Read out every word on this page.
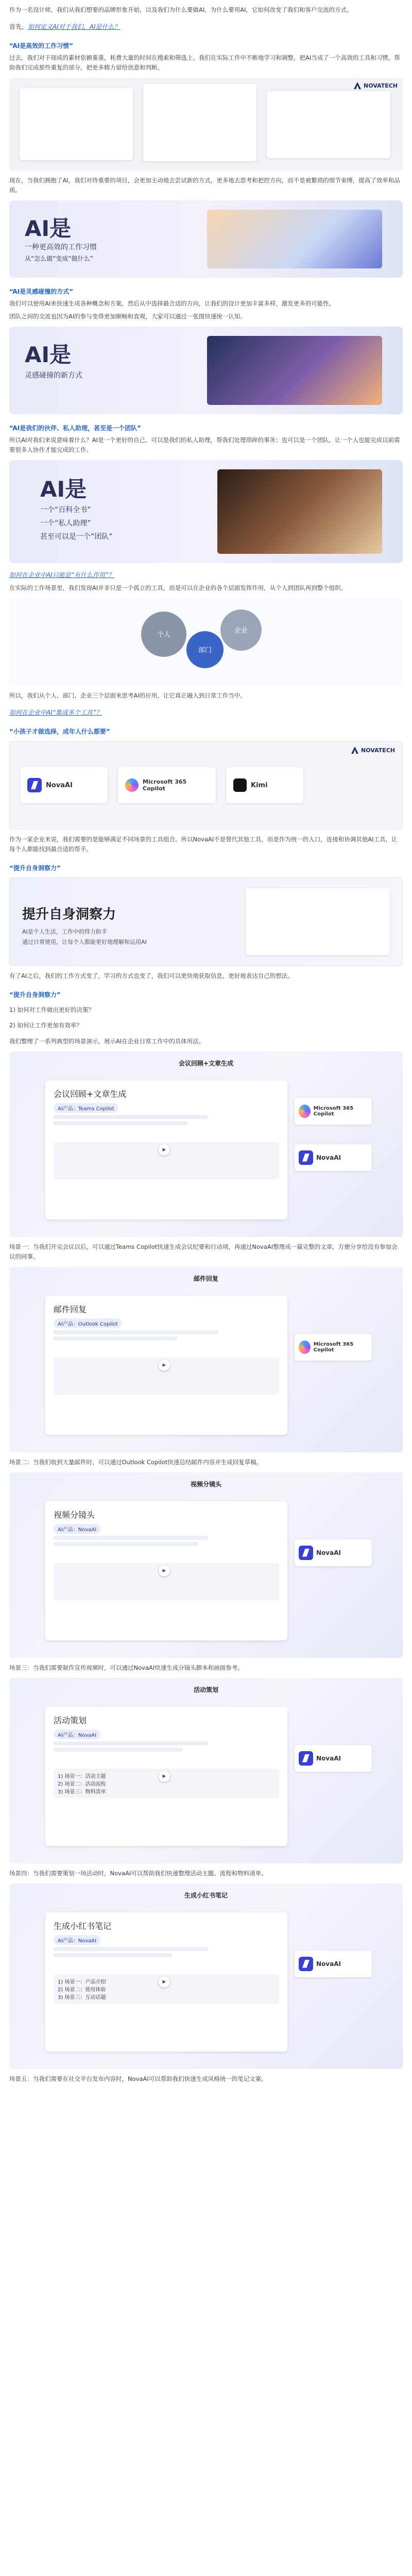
作为一名设计师，我们从我们想要的品牌形象开始，以及我们为什么要做AI，为什么要用AI，它如何改变了我们和客户交流的方式。

首先，如何定义AI对于我们，AI是什么？

“AI是高效的工作习惯”

过去，我们对于现成的素材依赖重重，耗费大量的时间在搜索和筛选上。我们在实际工作中不断地学习和调整，把AI当成了一个高效的工具和习惯，帮助我们完成那些重复的部分，把更多精力留给创意和判断。

NOVATECH

现在，当我们拥抱了AI，我们对待重要的项目，会更加主动地去尝试新的方式，更多地去思考和把控方向，而不是被繁琐的细节束缚，提高了效率和品质。

AI是
一种更高效的工作习惯
从“怎么做”变成“做什么”

“AI是灵感碰撞的方式”

我们可以使用AI来快速生成各种概念和方案，然后从中选择最合适的方向，让我们的设计更加丰富多样，激发更多的可能性。

团队之间的交流也因为AI的参与变得更加顺畅和直观，大家可以通过一张图快速统一认知。

AI是
灵感碰撞的新方式

“AI是我们的伙伴、私人助理，甚至是一个团队”

所以AI对我们来说意味着什么？AI是一个更好的自己，可以是我们的私人助理，帮我们处理琐碎的事务；也可以是一个团队，让一个人也能完成以前需要很多人协作才能完成的工作。

AI是
一个“百科全书”
一个“私人助理”
甚至可以是一个“团队”

如何在企业中AI只能是“有什么作用”？

在实际的工作场景里，我们发现AI并非只是一个孤立的工具，而是可以在企业的各个层面发挥作用，从个人到团队再到整个组织。

个人
部门
企业

所以，我们从个人、部门、企业三个层面来思考AI的应用，让它真正融入到日常工作当中。

如何在企业中AI“集成多个工具”？

“小孩子才做选择，成年人什么都要”

NOVATECH
NovaAI	Microsoft 365 Copilot	Kimi

作为一家企业来说，我们需要的是能够满足不同场景的工具组合。所以NovaAI不是替代其他工具，而是作为统一的入口，连接和协调其他AI工具，让每个人都能找到最合适的帮手。

“提升自身洞察力”

提升自身洞察力
AI是个人生活，工作中的得力助手
通过日常使用，让每个人都能更好地理解和运用AI

有了AI之后，我们的工作方式变了，学习的方式也变了，我们可以更快地获取信息，更好地表达自己的想法。

“提升自身洞察力”

1) 如何对工作做出更好的决策？

2) 如何让工作更加有效率？

我们整理了一系列典型的场景演示，展示AI在企业日常工作中的具体用法。

会议回顾+文章生成
会议回顾+文章生成
AI产品：Teams Copilot	Microsoft 365 Copilot
NovaAI
▶

场景一：当我们开完会议以后，可以通过Teams Copilot快速生成会议纪要和行动项，再通过NovaAI整理成一篇完整的文章，方便分享给没有参加会议的同事。

邮件回复
邮件回复
AI产品：Outlook Copilot
Microsoft 365 Copilot
▶

场景二：当我们收到大量邮件时，可以通过Outlook Copilot快速总结邮件内容并生成回复草稿。

视频分镜头
视频分镜头
AI产品：NovaAI
NovaAI
▶

场景三：当我们需要制作宣传视频时，可以通过NovaAI快速生成分镜头脚本和画面参考。

活动策划
活动策划
AI产品：NovaAI
1) 场景一：活动主题
2) 场景二：活动流程
3) 场景三：物料清单
NovaAI
▶

场景四：当我们需要策划一场活动时，NovaAI可以帮助我们快速整理活动主题、流程和物料清单。

生成小红书笔记
生成小红书笔记
AI产品：NovaAI
1) 场景一：产品介绍
2) 场景二：使用体验
3) 场景三：互动话题
NovaAI
▶

场景五：当我们需要在社交平台发布内容时，NovaAI可以帮助我们快速生成风格统一的笔记文案。
